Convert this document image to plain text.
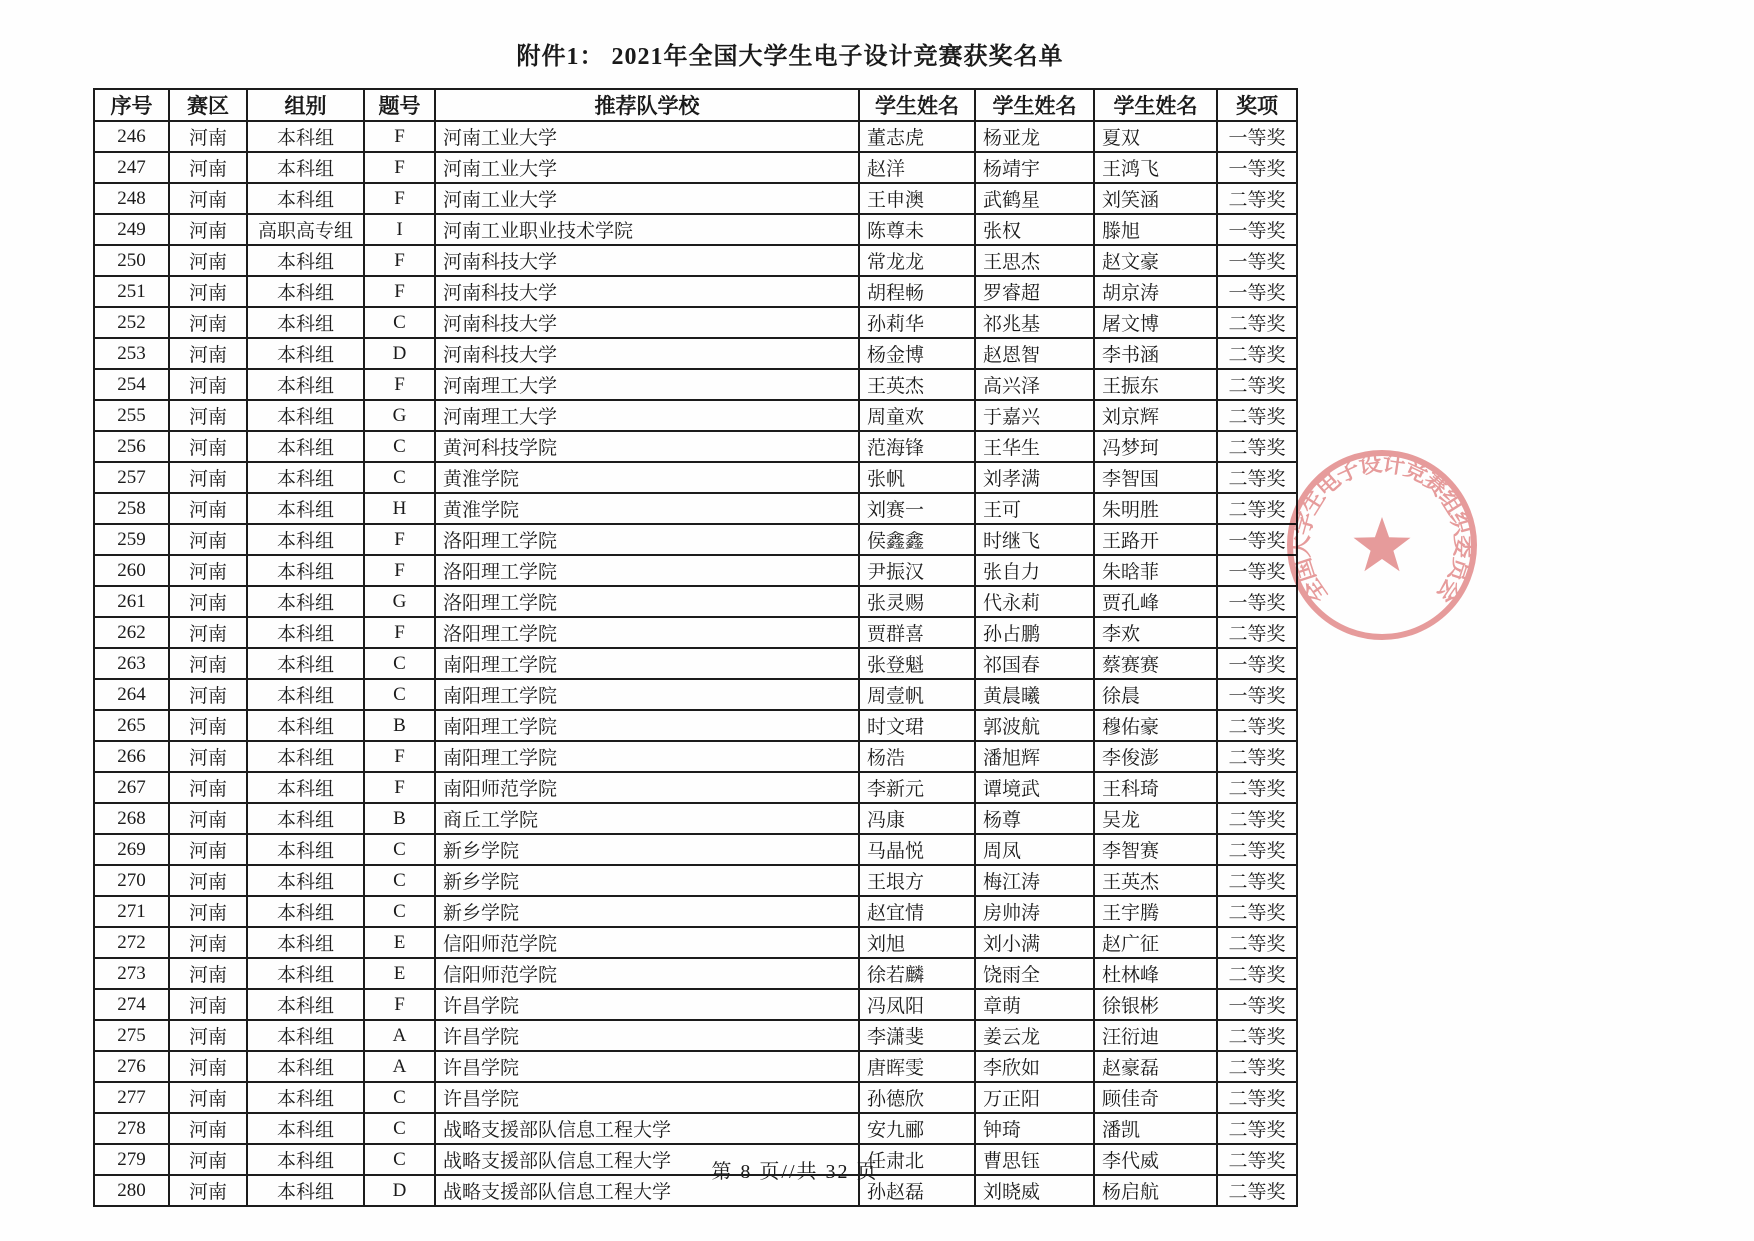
附件1： 2021年全国大学生电子设计竞赛获奖名单
序号	赛区	组别	题号	推荐队学校	学生姓名	学生姓名	学生姓名	奖项
246	河南	本科组	F	河南工业大学	董志虎	杨亚龙	夏双	一等奖
247	河南	本科组	F	河南工业大学	赵洋	杨靖宇	王鸿飞	一等奖
248	河南	本科组	F	河南工业大学	王申澳	武鹤星	刘笑涵	二等奖
249	河南	高职高专组	I	河南工业职业技术学院	陈尊未	张权	滕旭	一等奖
250	河南	本科组	F	河南科技大学	常龙龙	王思杰	赵文豪	一等奖
251	河南	本科组	F	河南科技大学	胡程畅	罗睿超	胡京涛	一等奖
252	河南	本科组	C	河南科技大学	孙莉华	祁兆基	屠文博	二等奖
253	河南	本科组	D	河南科技大学	杨金博	赵恩智	李书涵	二等奖
254	河南	本科组	F	河南理工大学	王英杰	高兴泽	王振东	二等奖
255	河南	本科组	G	河南理工大学	周童欢	于嘉兴	刘京辉	二等奖
256	河南	本科组	C	黄河科技学院	范海锋	王华生	冯梦珂	二等奖
257	河南	本科组	C	黄淮学院	张帆	刘孝满	李智国	二等奖
258	河南	本科组	H	黄淮学院	刘赛一	王可	朱明胜	二等奖
259	河南	本科组	F	洛阳理工学院	侯鑫鑫	时继飞	王路开	一等奖
260	河南	本科组	F	洛阳理工学院	尹振汉	张自力	朱晗菲	一等奖
261	河南	本科组	G	洛阳理工学院	张灵赐	代永莉	贾孔峰	一等奖
262	河南	本科组	F	洛阳理工学院	贾群喜	孙占鹏	李欢	二等奖
263	河南	本科组	C	南阳理工学院	张登魁	祁国春	蔡赛赛	一等奖
264	河南	本科组	C	南阳理工学院	周壹帆	黄晨曦	徐晨	一等奖
265	河南	本科组	B	南阳理工学院	时文珺	郭波航	穆佑豪	二等奖
266	河南	本科组	F	南阳理工学院	杨浩	潘旭辉	李俊澎	二等奖
267	河南	本科组	F	南阳师范学院	李新元	谭境武	王科琦	二等奖
268	河南	本科组	B	商丘工学院	冯康	杨尊	吴龙	二等奖
269	河南	本科组	C	新乡学院	马晶悦	周凤	李智赛	二等奖
270	河南	本科组	C	新乡学院	王垠方	梅江涛	王英杰	二等奖
271	河南	本科组	C	新乡学院	赵宜情	房帅涛	王宇腾	二等奖
272	河南	本科组	E	信阳师范学院	刘旭	刘小满	赵广征	二等奖
273	河南	本科组	E	信阳师范学院	徐若麟	饶雨全	杜林峰	二等奖
274	河南	本科组	F	许昌学院	冯凤阳	章萌	徐银彬	一等奖
275	河南	本科组	A	许昌学院	李潇斐	姜云龙	汪衍迪	二等奖
276	河南	本科组	A	许昌学院	唐晖雯	李欣如	赵豪磊	二等奖
277	河南	本科组	C	许昌学院	孙德欣	万正阳	顾佳奇	二等奖
278	河南	本科组	C	战略支援部队信息工程大学	安九郦	钟琦	潘凯	二等奖
279	河南	本科组	C	战略支援部队信息工程大学	任肃北	曹思钰	李代威	二等奖
280	河南	本科组	D	战略支援部队信息工程大学	孙赵磊	刘晓威	杨启航	二等奖
全国大学生电子设计竞赛组织委员会
第 8 页//共 32 页
